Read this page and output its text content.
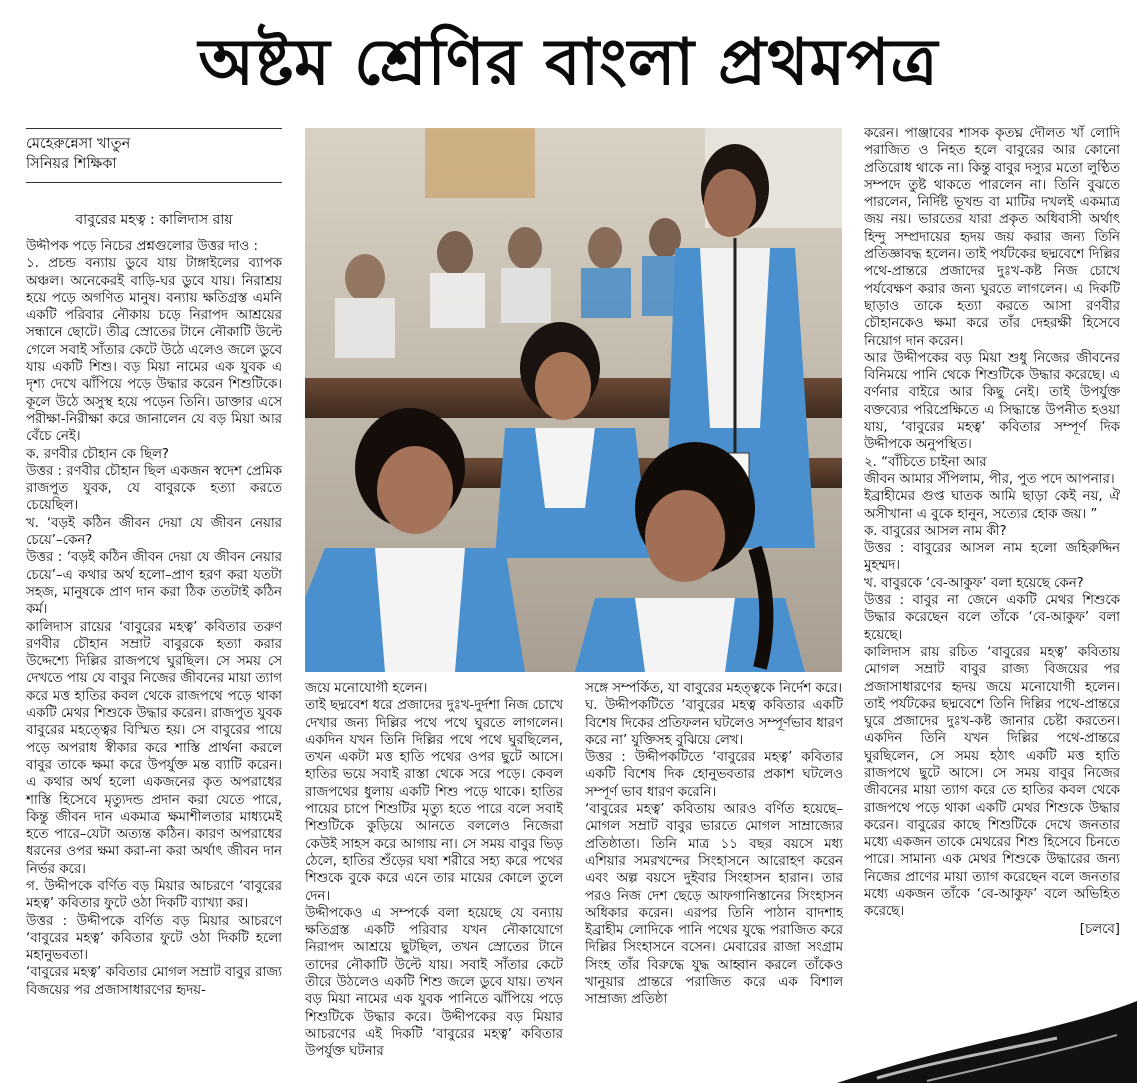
অষ্টম শ্রেণির বাংলা প্রথমপত্র
মেহেরুন্নেসা খাতুন
সিনিয়র শিক্ষিকা
বাবুরের মহত্ব : কালিদাস রায়

উদ্দীপক পড়ে নিচের প্রশ্নগুলোর উত্তর দাও :

১. প্রচন্ড বন্যায় ডুবে যায় টাঙ্গাইলের ব্যাপক অঞ্চল। অনেকেরই বাড়ি-ঘর ডুবে যায়। নিরাশ্রয় হয়ে পড়ে অগণিত মানুষ। বন্যায় ক্ষতিগ্রস্ত এমনি একটি পরিবার নৌকায় চড়ে নিরাপদ আশ্রয়ের সন্ধানে ছোটে। তীব্র স্রোতের টানে নৌকাটি উল্টে গেলে সবাই সাঁতার কেটে উঠে এলেও জলে ডুবে যায় একটি শিশু। বড় মিয়া নামের এক যুবক এ দৃশ্য দেখে ঝাঁপিয়ে পড়ে উদ্ধার করেন শিশুটিকে। কূলে উঠে অসুস্থ হয়ে পড়েন তিনি। ডাক্তার এসে পরীক্ষা-নিরীক্ষা করে জানালেন যে বড় মিয়া আর বেঁচে নেই।

ক. রণবীর চৌহান কে ছিল?

উত্তর : রণবীর চৌহান ছিল একজন স্বদেশ প্রেমিক রাজপুত যুবক, যে বাবুরকে হত্যা করতে চেয়েছিল।

খ. ‘বড়ই কঠিন জীবন দেয়া যে জীবন নেয়ার চেয়ে’–কেন?

উত্তর : ‘বড়ই কঠিন জীবন দেয়া যে জীবন নেয়ার চেয়ে’–এ কথার অর্থ হলো–প্রাণ হরণ করা যতটা সহজ, মানুষকে প্রাণ দান করা ঠিক ততটাই কঠিন কর্ম।

কালিদাস রায়ের ‘বাবুরের মহত্ব’ কবিতার তরুণ রণবীর চৌহান সম্রাট বাবুরকে হত্যা করার উদ্দেশ্যে দিল্লির রাজপথে ঘুরছিল। সে সময় সে দেখতে পায় যে বাবুর নিজের জীবনের মায়া ত্যাগ করে মত্ত হাতির কবল থেকে রাজপথে পড়ে থাকা একটি মেথর শিশুকে উদ্ধার করেন। রাজপুত যুবক বাবুরের মহত্ত্বের বিস্মিত হয়। সে বাবুরের পায়ে পড়ে অপরাধ স্বীকার করে শাস্তি প্রার্থনা করলে বাবুর তাকে ক্ষমা করে উপর্যুক্ত মন্ত ব্যাটি করেন। এ কথার অর্থ হলো একজনের কৃত অপরাধের শাস্তি হিসেবে মৃত্যুদন্ড প্রদান করা যেতে পারে, কিন্তু জীবন দান একমাত্র ক্ষমাশীলতার মাধ্যমেই হতে পারে–যেটা অত্যন্ত কঠিন। কারণ অপরাধের ধরনের ওপর ক্ষমা করা-না করা অর্থাৎ জীবন দান নির্ভর করে।

গ. উদ্দীপকে বর্ণিত বড় মিয়ার আচরণে ‘বাবুরের মহত্ব’ কবিতার ফুটে ওঠা দিকটি ব্যাখ্যা কর।

উত্তর : উদ্দীপকে বর্ণিত বড় মিয়ার আচরণে ‘বাবুরের মহত্ব’ কবিতার ফুটে ওঠা দিকটি হলো মহানুভবতা।

‘বাবুরের মহত্ব’ কবিতার মোগল সম্রাট বাবুর রাজ্য বিজয়ের পর প্রজাসাধারণের হৃদয়-

জয়ে মনোযোগী হলেন।

তাই ছদ্মবেশ ধরে প্রজাদের দুঃখ-দুর্দশা নিজ চোখে দেখার জন্য দিল্লির পথে পথে ঘুরতে লাগলেন। একদিন যখন তিনি দিল্লির পথে পথে ঘুরছিলেন, তখন একটা মত্ত হাতি পথের ওপর ছুটে আসে। হাতির ভয়ে সবাই রাস্তা থেকে সরে পড়ে। কেবল রাজপথের ধুলায় একটি শিশু পড়ে থাকে। হাতির পায়ের চাপে শিশুটির মৃত্যু হতে পারে বলে সবাই শিশুটিকে কুড়িয়ে আনতে বললেও নিজেরা কেউই সাহস করে আগায় না। সে সময় বাবুর ভিড় ঠেলে, হাতির শুঁড়ের ঘষা শরীরে সহ্য করে পথের শিশুকে বুকে করে এনে তার মায়ের কোলে তুলে দেন।

উদ্দীপকেও এ সম্পর্কে বলা হয়েছে যে বন্যায় ক্ষতিগ্রস্ত একটি পরিবার যখন নৌকাযোগে নিরাপদ আশ্রয়ে ছুটছিল, তখন স্রোতের টানে তাদের নৌকাটি উল্টে যায়। সবাই সাঁতার কেটে তীরে উঠলেও একটি শিশু জলে ডুবে যায়। তখন বড় মিয়া নামের এক যুবক পানিতে ঝাঁপিয়ে পড়ে শিশুটিকে উদ্ধার করে। উদ্দীপকের বড় মিয়ার আচরণের এই দিকটি ‘বাবুরের মহত্ব’ কবিতার উপর্যুক্ত ঘটনার

সঙ্গে সম্পর্কিত, যা বাবুরের মহত্ত্বকে নির্দেশ করে।

ঘ. উদ্দীপকটিতে ‘বাবুরের মহত্ব কবিতার একটি বিশেষ দিকের প্রতিফলন ঘটলেও সম্পূর্ণভাব ধারণ করে না’ যুক্তিসহ বুঝিয়ে লেখ।

উত্তর : উদ্দীপকটিতে ‘বাবুরের মহত্ব’ কবিতার একটি বিশেষ দিক হোনুভবতার প্রকাশ ঘটলেও সম্পূর্ণ ভাব ধারণ করেনি।

‘বাবুরের মহত্ব’ কবিতায় আরও বর্ণিত হয়েছে–মোগল সম্রাট বাবুর ভারতে মোগল সাম্রাজ্যের প্রতিষ্ঠাতা। তিনি মাত্র ১১ বছর বয়সে মধ্য এশিয়ার সমরখন্দের সিংহাসনে আরোহণ করেন এবং অল্প বয়সে দুইবার সিংহাসন হারান। তার পরও নিজ দেশ ছেড়ে আফগানিস্তানের সিংহাসন অধিকার করেন। এরপর তিনি পাঠান বাদশাহ ইব্রাহীম লোদিকে পানি পথের যুদ্ধে পরাজিত করে দিল্লির সিংহাসনে বসেন। মেবারের রাজা সংগ্রাম সিংহ তাঁর বিরুদ্ধে যুদ্ধ আহ্বান করলে তাঁকেও খানুয়ার প্রান্তরে পরাজিত করে এক বিশাল সাম্রাজ্য প্রতিষ্ঠা

করেন। পাঞ্জাবের শাসক কৃতঘ্ন দৌলত খাঁ লোদি পরাজিত ও নিহত হলে বাবুরের আর কোনো প্রতিরোধ থাকে না। কিন্তু বাবুর দস্যুর মতো লুণ্ঠিত সম্পদে তুষ্ট থাকতে পারলেন না। তিনি বুঝতে পারলেন, নির্দিষ্ট ভূখন্ড বা মাটির দখলই একমাত্র জয় নয়। ভারতের যারা প্রকৃত অধিবাসী অর্থাৎ হিন্দু সম্প্রদায়ের হৃদয় জয় করার জন্য তিনি প্রতিজ্ঞাবদ্ধ হলেন। তাই পর্যটকের ছদ্মবেশে দিল্লির পথে-প্রান্তরে প্রজাদের দুঃখ-কষ্ট নিজ চোখে পর্যবেক্ষণ করার জন্য ঘুরতে লাগলেন। এ দিকটি ছাড়াও তাকে হত্যা করতে আসা রণবীর চৌহানকেও ক্ষমা করে তাঁর দেহরক্ষী হিসেবে নিয়োগ দান করেন।

আর উদ্দীপকের বড় মিয়া শুধু নিজের জীবনের বিনিময়ে পানি থেকে শিশুটিকে উদ্ধার করেছে। এ বর্ণনার বাইরে আর কিছু নেই। তাই উপর্যুক্ত বক্তব্যের পরিপ্রেক্ষিতে এ সিদ্ধান্তে উপনীত হওয়া যায়, ‘বাবুরের মহত্ব’ কবিতার সম্পূর্ণ দিক উদ্দীপকে অনুপস্থিত।

২. “বাঁচিতে চাইনা আর

জীবন আমার সঁপিলাম, পীর, পুত পদে আপনার।

ইব্রাহীমের গুপ্ত ঘাতক আমি ছাড়া কেই নয়, ঐ অসীখানা এ বুকে হানুন, সত্যের হোক জয়। ”

ক. বাবুরের আসল নাম কী?

উত্তর : বাবুরের আসল নাম হলো জহিরুদ্দিন মুহম্মদ।

খ. বাবুরকে ‘বে-আকুফ’ বলা হয়েছে কেন?

উত্তর : বাবুর না জেনে একটি মেথর শিশুকে উদ্ধার করেছেন বলে তাঁকে ‘বে-আকুফ’ বলা হয়েছে।

কালিদাস রায় রচিত ‘বাবুরের মহত্ব’ কবিতায় মোগল সম্রাট বাবুর রাজ্য বিজয়ের পর প্রজাসাধারণের হৃদয় জয়ে মনোযোগী হলেন। তাই পর্যটকের ছদ্মবেশে তিনি দিল্লির পথে-প্রান্তরে ঘুরে প্রজাদের দুঃখ-কষ্ট জানার চেষ্টা করতেন। একদিন তিনি যখন দিল্লির পথে-প্রান্তরে ঘুরছিলেন, সে সময় হঠাৎ একটি মত্ত হাতি রাজপথে ছুটে আসে। সে সময় বাবুর নিজের জীবনের মায়া ত্যাগ করে তে হাতির কবল থেকে রাজপথে পড়ে থাকা একটি মেথর শিশুকে উদ্ধার করেন। বাবুরের কাছে শিশুটিকে দেখে জনতার মধ্যে একজন তাকে মেথরের শিশু হিসেবে চিনতে পারে। সামান্য এক মেথর শিশুকে উদ্ধারের জন্য নিজের প্রাণের মায়া ত্যাগ করেছেন বলে জনতার মধ্যে একজন তাঁকে ‘বে-আকুফ’ বলে অভিহিত করেছে।

[চলবে]
